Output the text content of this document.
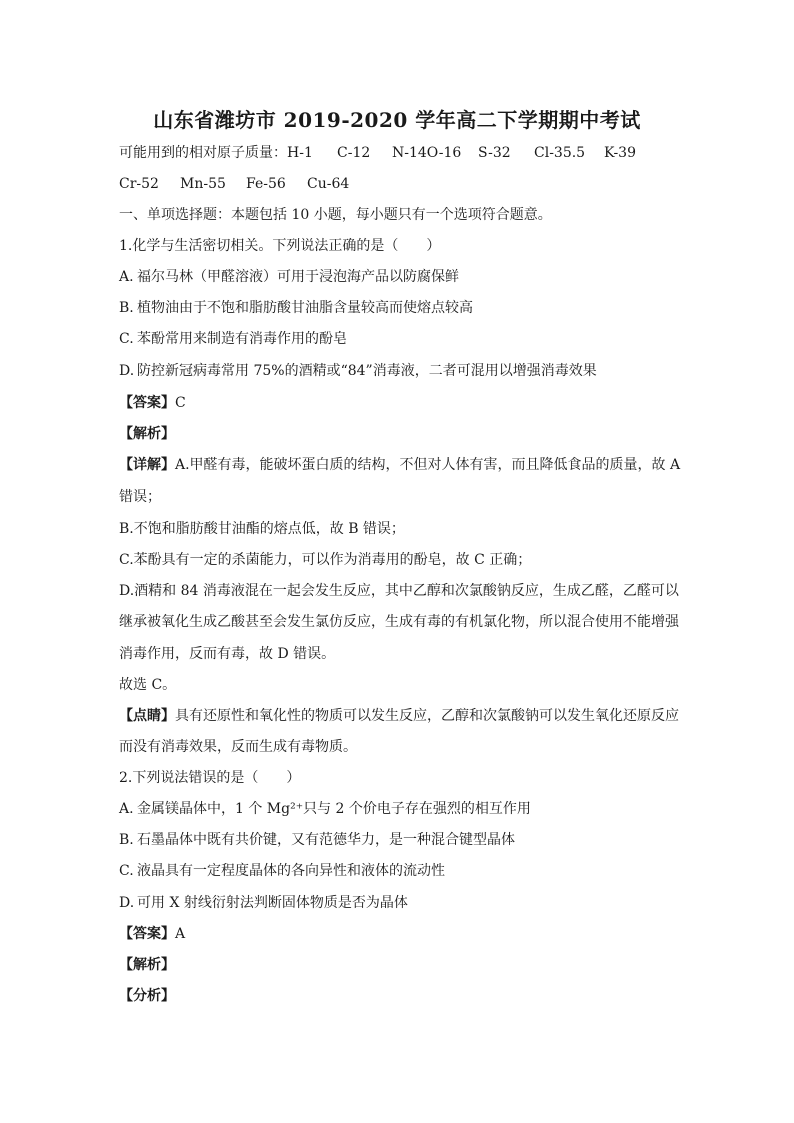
山东省潍坊市 2019-2020 学年高二下学期期中考试
可能用到的相对原子质量：H-1 C-12 N-14O-16 S-32 Cl-35.5 K-39
Cr-52 Mn-55 Fe-56 Cu-64
一、单项选择题：本题包括 10 小题，每小题只有一个选项符合题意。
1.化学与生活密切相关。下列说法正确的是（　　）
A. 福尔马林（甲醛溶液）可用于浸泡海产品以防腐保鲜
B. 植物油由于不饱和脂肪酸甘油脂含量较高而使熔点较高
C. 苯酚常用来制造有消毒作用的酚皂
D. 防控新冠病毒常用 75%的酒精或“84”消毒液，二者可混用以增强消毒效果
【答案】C
【解析】
【详解】A.甲醛有毒，能破坏蛋白质的结构，不但对人体有害，而且降低食品的质量，故 A
错误；
B.不饱和脂肪酸甘油酯的熔点低，故 B 错误；
C.苯酚具有一定的杀菌能力，可以作为消毒用的酚皂，故 C 正确；
D.酒精和 84 消毒液混在一起会发生反应，其中乙醇和次氯酸钠反应，生成乙醛，乙醛可以
继承被氧化生成乙酸甚至会发生氯仿反应，生成有毒的有机氯化物，所以混合使用不能增强
消毒作用，反而有毒，故 D 错误。
故选 C。
【点睛】具有还原性和氧化性的物质可以发生反应，乙醇和次氯酸钠可以发生氧化还原反应
而没有消毒效果，反而生成有毒物质。
2.下列说法错误的是（　　）
A. 金属镁晶体中，1 个 Mg²⁺只与 2 个价电子存在强烈的相互作用
B. 石墨晶体中既有共价键，又有范德华力，是一种混合键型晶体
C. 液晶具有一定程度晶体的各向异性和液体的流动性
D. 可用 X 射线衍射法判断固体物质是否为晶体
【答案】A
【解析】
【分析】
